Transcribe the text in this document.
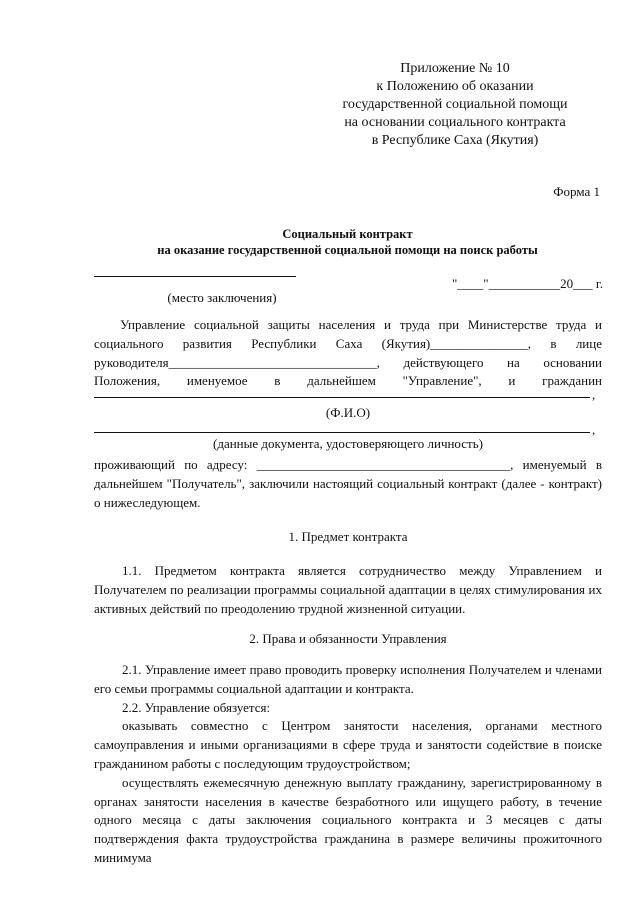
Приложение № 10
к Положению об оказании
государственной социальной помощи
на основании социального контракта
в Республике Саха (Якутия)
Форма 1
Социальный контракт
на оказание государственной социальной помощи на поиск работы
(место заключения)
"____"___________20___ г.
Управление социальной защиты населения и труда при Министерстве труда и
социального развития Республики Саха (Якутия)_______________, в лице
руководителя________________________________, действующего на основании
Положения, именуемое в дальнейшем "Управление", и гражданин
,
(Ф.И.О)
,
(данные документа, удостоверяющего личность)
проживающий по адресу: _______________________________________, именуемый в
дальнейшем "Получатель", заключили настоящий социальный контракт (далее - контракт)
о нижеследующем.
1. Предмет контракта
1.1. Предметом контракта является сотрудничество между Управлением и Получателем по реализации программы социальной адаптации в целях стимулирования их активных действий по преодолению трудной жизненной ситуации.
2. Права и обязанности Управления
2.1. Управление имеет право проводить проверку исполнения Получателем и членами его семьи программы социальной адаптации и контракта.
2.2. Управление обязуется:
оказывать совместно с Центром занятости населения, органами местного самоуправления и иными организациями в сфере труда и занятости содействие в поиске гражданином работы с последующим трудоустройством;
осуществлять ежемесячную денежную выплату гражданину, зарегистрированному в органах занятости населения в качестве безработного или ищущего работу, в течение одного месяца с даты заключения социального контракта и 3 месяцев с даты подтверждения факта трудоустройства гражданина в размере величины прожиточного минимума
